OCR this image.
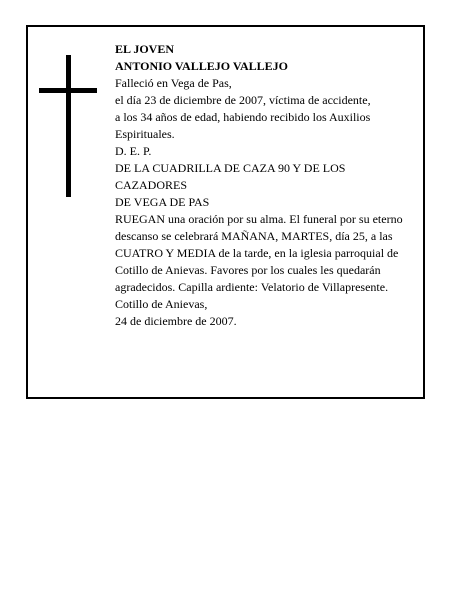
EL JOVEN
ANTONIO VALLEJO VALLEJO
Falleció en Vega de Pas,
el día 23 de diciembre de 2007, víctima de accidente,
a los 34 años de edad, habiendo recibido los Auxilios
Espirituales.
D. E. P.
DE LA CUADRILLA DE CAZA 90 Y DE LOS
CAZADORES
DE VEGA DE PAS
RUEGAN una oración por su alma. El funeral por su eterno descanso se celebrará MAÑANA, MARTES, día 25, a las CUATRO Y MEDIA de la tarde, en la iglesia parroquial de Cotillo de Anievas. Favores por los cuales les quedarán agradecidos. Capilla ardiente: Velatorio de Villapresente.
Cotillo de Anievas,
24 de diciembre de 2007.
